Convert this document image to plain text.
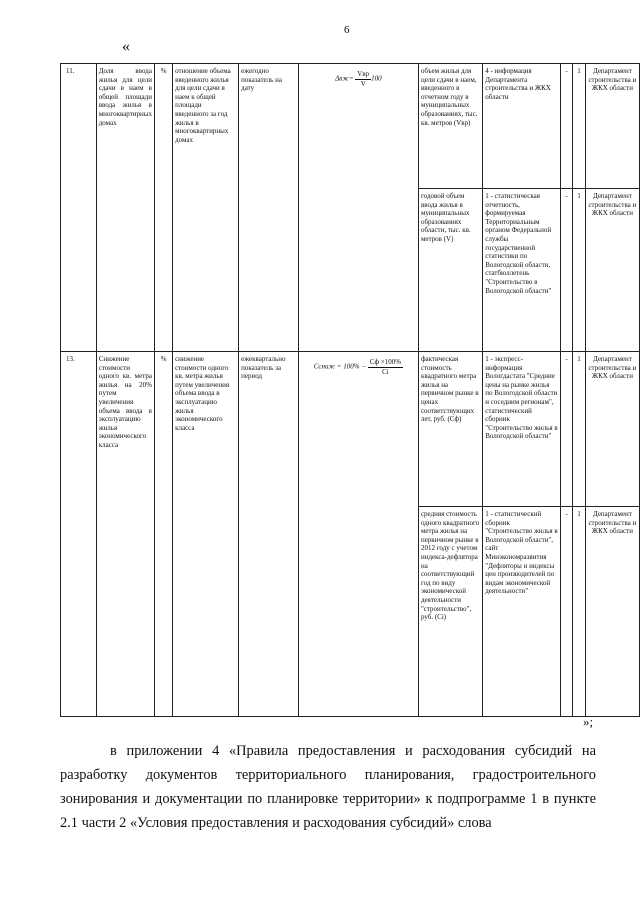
6
«
11.	Доля ввода жилья для цели сдачи в наем в общей площади ввода жилья в многоквартирных домах	%	отношение объема введенного жилья для цели сдачи в наем к общей площади введенного за год жилья в многоквартирных домах	ежегодно показатель на дату	$\Delta вж= \frac{\text{Vвр}}{V} 100$	объем жилья для цели сдачи в наем, введенного в отчетном году в муниципальных образованиях, тыс. кв. метров (Vвр)	4 - информация Департамента строительства и ЖКХ области	-	1	Департамент строительства и ЖКХ области
						годовой объем ввода жилья в муниципальных образованиях области, тыс. кв. метров (V)	1 - статистическая отчетность, формируемая Территориальным органом Федеральной службы государственной статистики по Вологодской области, статбюллетень "Строительство в Вологодской области"	-	1	Департамент строительства и ЖКХ области
13.	Снижение стоимости одного кв. метра жилья на 20% путем увеличения объема ввода в эксплуатацию жилья экономического класса	%	снижение стоимости одного кв. метра жилья путем увеличения объема ввода в эксплуатацию жилья экономического класса	ежеквартально показатель за период	Cсниж = $100\% - \frac{Cф \times 100\%}{Ci}$	фактическая стоимость квадратного метра жилья на первичном рынке в ценах соответствующих лет, руб. (Сф)	1 - экспресс-информация Вологдастата "Средние цены на рынке жилья по Вологодской области и соседним регионам", статистический сборник "Строительство жилья в Вологодской области"	-	1	Департамент строительства и ЖКХ области
						средняя стоимость одного квадратного метра жилья на первичном рынке в 2012 году с учетом индекса-дефлятора на соответствующий год по виду экономической деятельности "строительство", руб. (Ci)	1 - статистический сборник "Строительство жилья в Вологодской области", сайт Минэкономразвития "Дефляторы и индексы цен производителей по видам экономической деятельности"	-	1	Департамент строительства и ЖКХ области
»;
в приложении 4 «Правила предоставления и расходования субсидий на разработку документов территориального планирования, градостроительного зонирования и документации по планировке территории» к подпрограмме 1 в пункте 2.1 части 2 «Условия предоставления и расходования субсидий» слова
